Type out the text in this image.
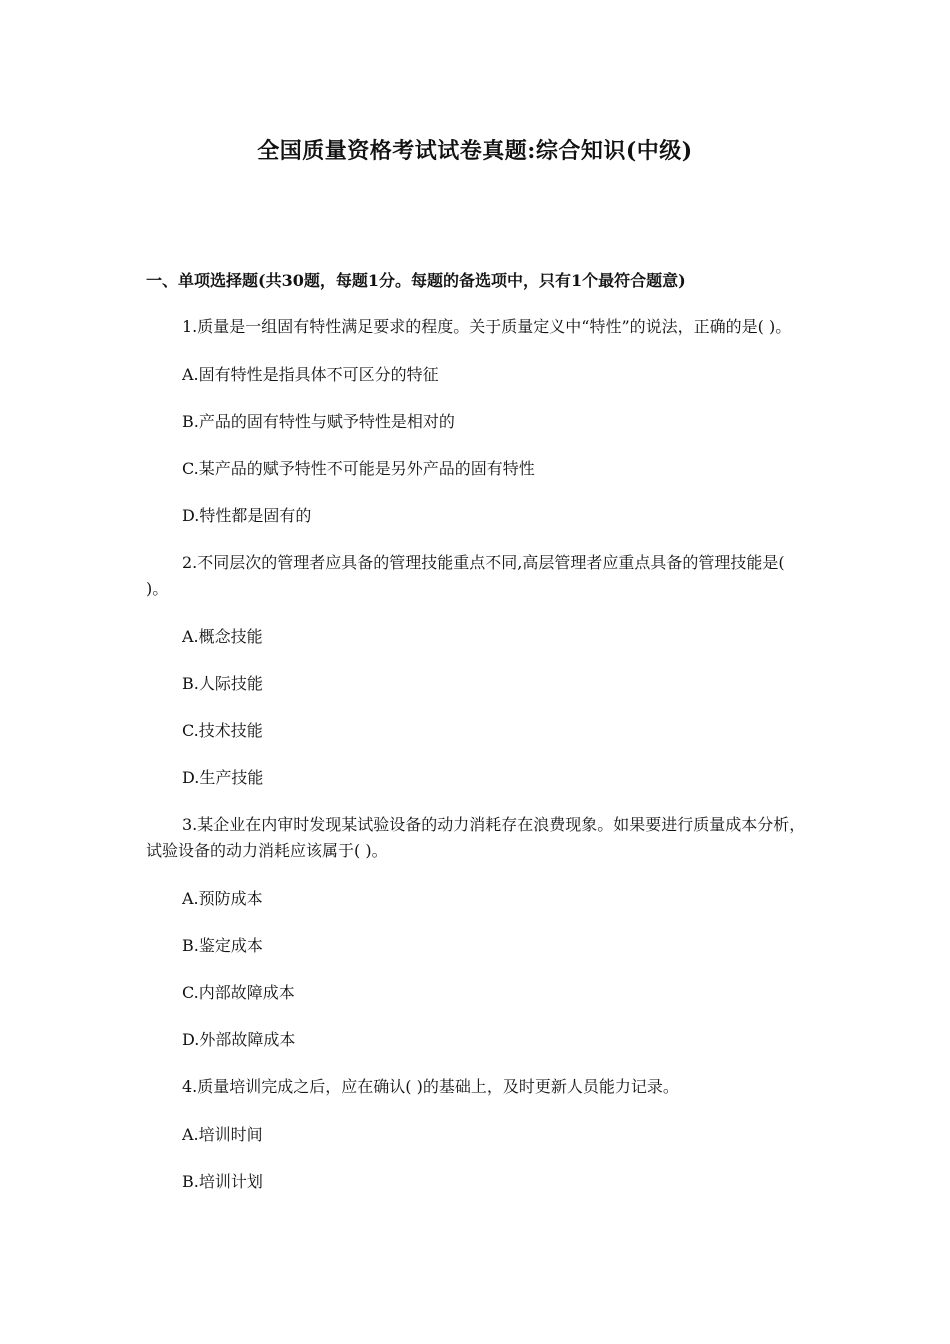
全国质量资格考试试卷真题:综合知识(中级)
一、单项选择题(共30题，每题1分。每题的备选项中，只有1个最符合题意)
1.质量是一组固有特性满足要求的程度。关于质量定义中“特性”的说法，正确的是( )。
A.固有特性是指具体不可区分的特征
B.产品的固有特性与赋予特性是相对的
C.某产品的赋予特性不可能是另外产品的固有特性
D.特性都是固有的
2.不同层次的管理者应具备的管理技能重点不同,高层管理者应重点具备的管理技能是( )。
A.概念技能
B.人际技能
C.技术技能
D.生产技能
3.某企业在内审时发现某试验设备的动力消耗存在浪费现象。如果要进行质量成本分析，试验设备的动力消耗应该属于( )。
A.预防成本
B.鉴定成本
C.内部故障成本
D.外部故障成本
4.质量培训完成之后，应在确认( )的基础上，及时更新人员能力记录。
A.培训时间
B.培训计划
